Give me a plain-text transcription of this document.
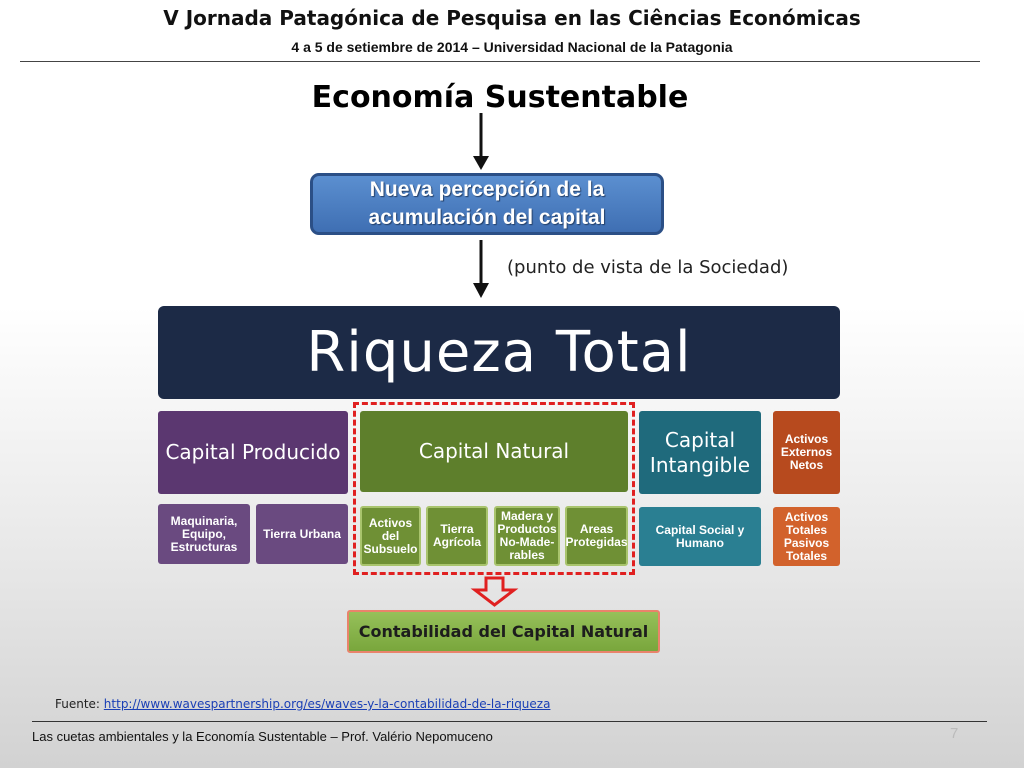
V Jornada Patagónica de Pesquisa en las Ciências Económicas
4 a 5 de setiembre de 2014 – Universidad Nacional de la Patagonia
Economía Sustentable
Nueva percepción de la acumulación del capital
(punto de vista de la Sociedad)
Riqueza Total
Capital Producido	Capital Natural	Capital Intangible
Activos Externos Netos
Maquinaria, Equipo, Estructuras
Tierra Urbana
Activos del Subsuelo
Tierra Agrícola
Madera y Productos No-Made-rables
Areas Protegidas
Capital Social y Humano
Activos Totales Pasivos Totales
Contabilidad del Capital Natural
Fuente: http://www.wavespartnership.org/es/waves-y-la-contabilidad-de-la-riqueza
Las cuetas ambientales y la Economía Sustentable – Prof. Valério Nepomuceno	7
